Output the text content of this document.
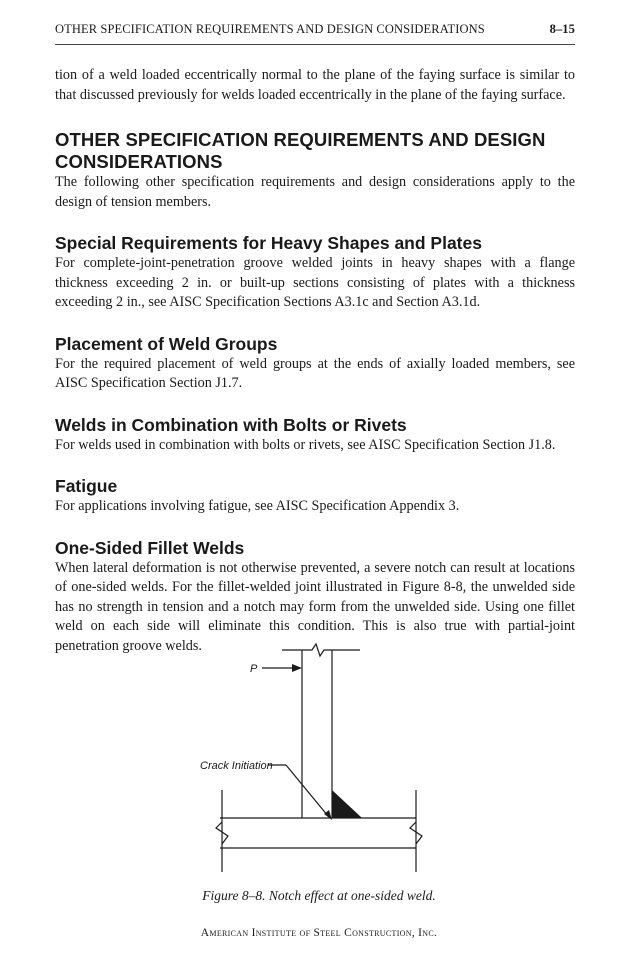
OTHER SPECIFICATION REQUIREMENTS AND DESIGN CONSIDERATIONS	8–15

tion of a weld loaded eccentrically normal to the plane of the faying surface is similar to that discussed previously for welds loaded eccentrically in the plane of the faying surface.

OTHER SPECIFICATION REQUIREMENTS AND DESIGN CONSIDERATIONS

The following other specification requirements and design considerations apply to the design of tension members.

Special Requirements for Heavy Shapes and Plates

For complete-joint-penetration groove welded joints in heavy shapes with a flange thickness exceeding 2 in. or built-up sections consisting of plates with a thickness exceeding 2 in., see AISC Specification Sections A3.1c and Section A3.1d.

Placement of Weld Groups

For the required placement of weld groups at the ends of axially loaded members, see AISC Specification Section J1.7.

Welds in Combination with Bolts or Rivets

For welds used in combination with bolts or rivets, see AISC Specification Section J1.8.

Fatigue

For applications involving fatigue, see AISC Specification Appendix 3.

One-Sided Fillet Welds

When lateral deformation is not otherwise prevented, a severe notch can result at locations of one-sided welds. For the fillet-welded joint illustrated in Figure 8-8, the unwelded side has no strength in tension and a notch may form from the unwelded side. Using one fillet weld on each side will eliminate this condition. This is also true with partial-joint penetration groove welds.

P
Crack Initiation
Figure 8–8. Notch effect at one-sided weld.
American Institute of Steel Construction, Inc.
